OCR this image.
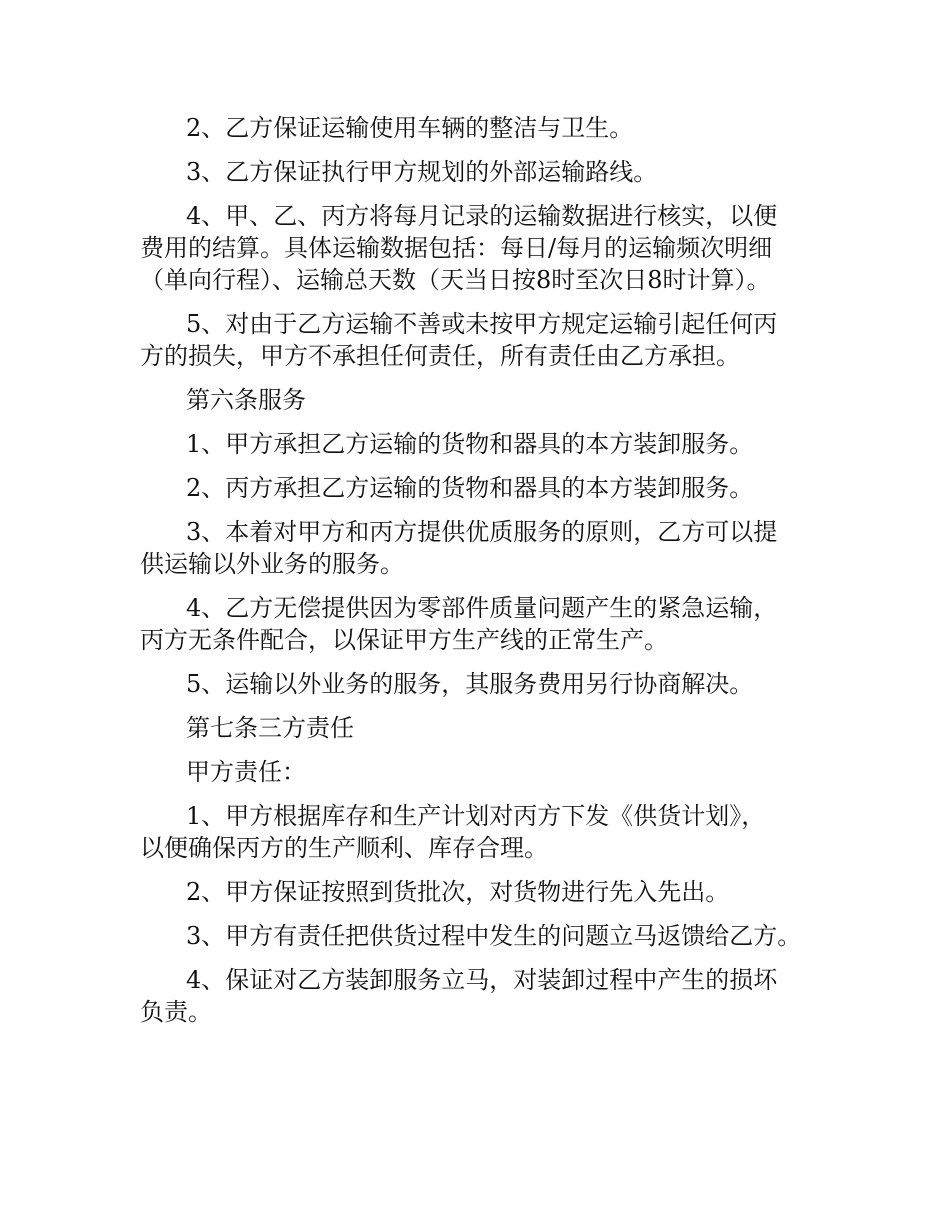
2、乙方保证运输使用车辆的整洁与卫生。

3、乙方保证执行甲方规划的外部运输路线。

4、甲、乙、丙方将每月记录的运输数据进行核实，以便
费用的结算。具体运输数据包括：每日/每月的运输频次明细
（单向行程）、运输总天数（天当日按8时至次日8时计算）。

5、对由于乙方运输不善或未按甲方规定运输引起任何丙
方的损失，甲方不承担任何责任，所有责任由乙方承担。

第六条服务

1、甲方承担乙方运输的货物和器具的本方装卸服务。

2、丙方承担乙方运输的货物和器具的本方装卸服务。

3、本着对甲方和丙方提供优质服务的原则，乙方可以提
供运输以外业务的服务。

4、乙方无偿提供因为零部件质量问题产生的紧急运输，
丙方无条件配合，以保证甲方生产线的正常生产。

5、运输以外业务的服务，其服务费用另行协商解决。

第七条三方责任

甲方责任：

1、甲方根据库存和生产计划对丙方下发《供货计划》，
以便确保丙方的生产顺利、库存合理。

2、甲方保证按照到货批次，对货物进行先入先出。

3、甲方有责任把供货过程中发生的问题立马返馈给乙方。

4、保证对乙方装卸服务立马，对装卸过程中产生的损坏
负责。
